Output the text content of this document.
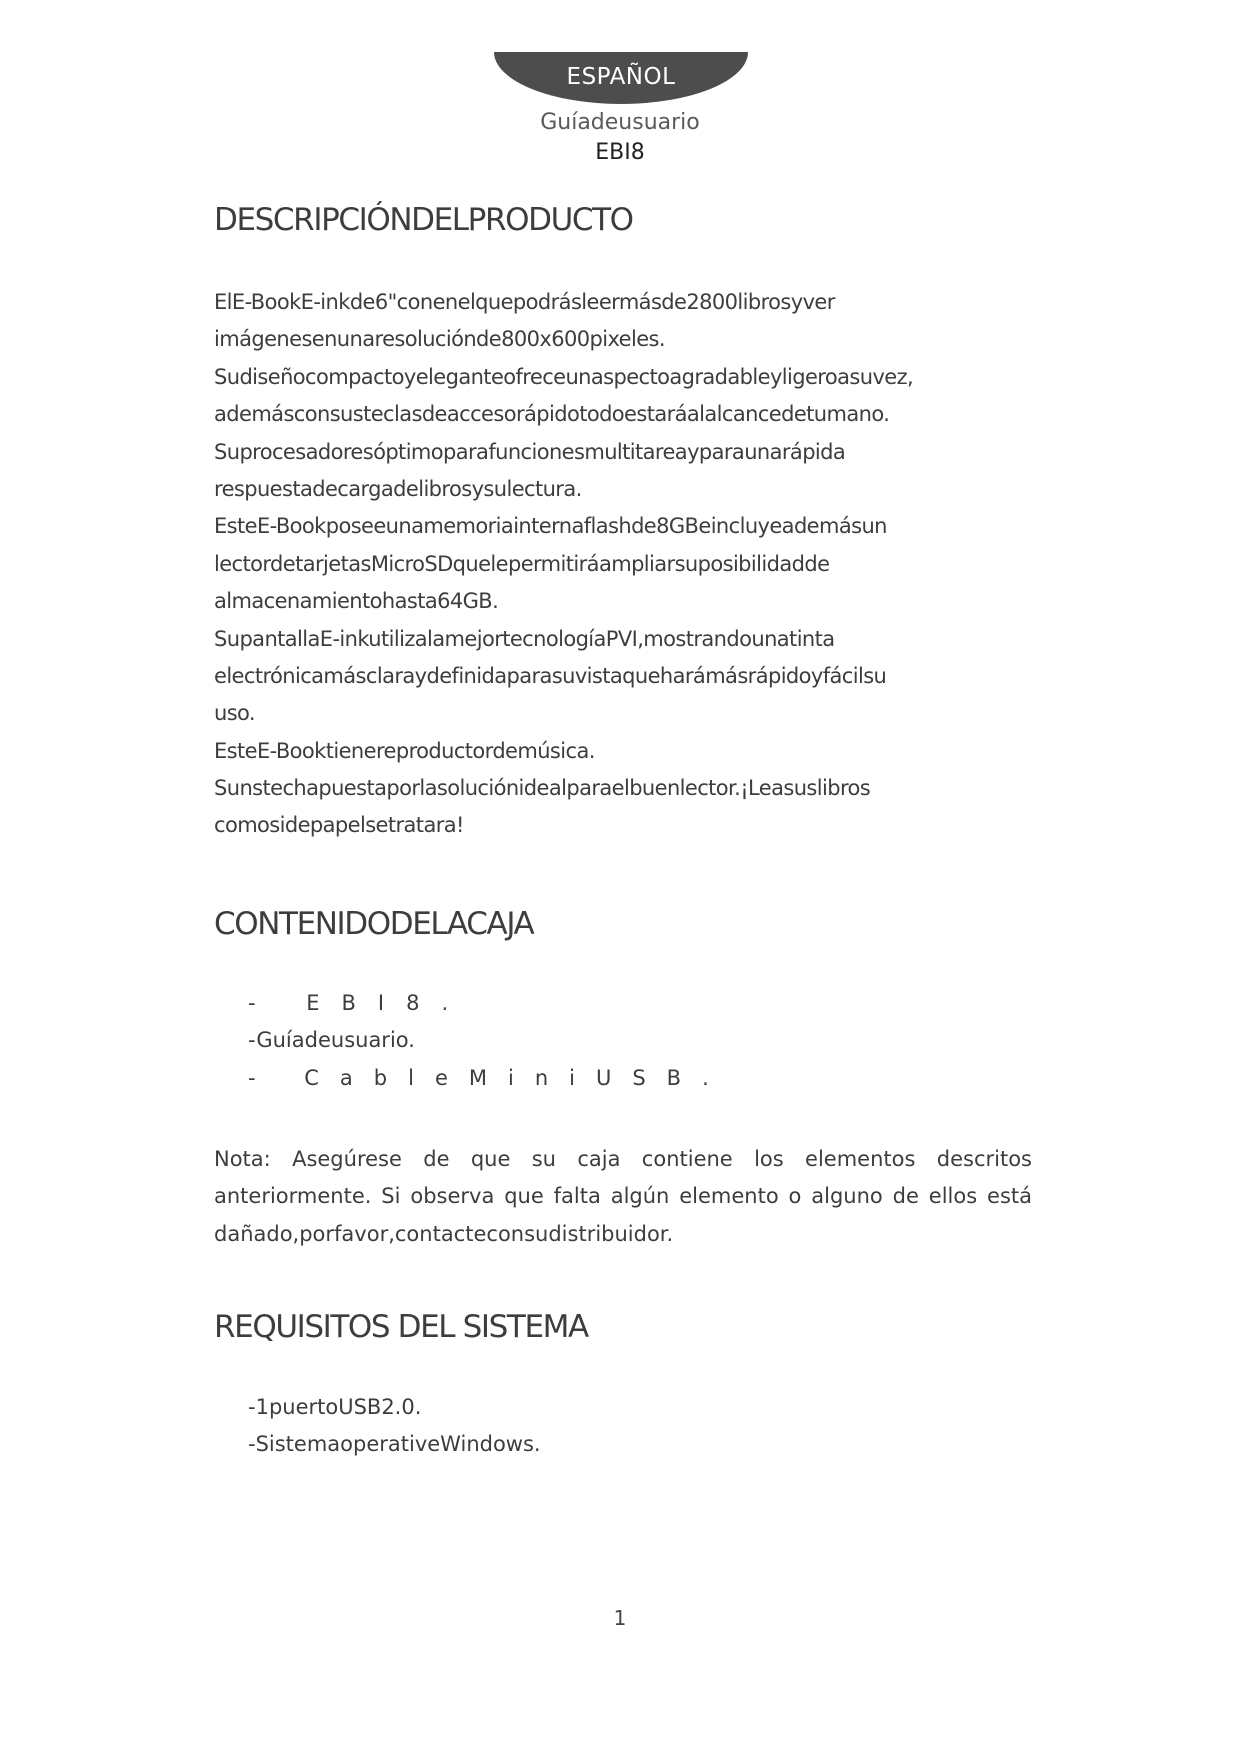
ESPAÑOL
Guíadeusuario
EBI8
DESCRIPCIÓNDELPRODUCTO
ElE-BookE-inkde6"conenelquepodrásleermásde2800librosyver
imágenesenunaresoluciónde800x600pixeles.
Sudiseñocompactoyeleganteofreceunaspectoagradableyligeroasuvez,
ademásconsusteclasdeaccesorápidotodoestaráalalcancedetumano.
Suprocesadoresóptimoparafuncionesmultitareayparaunarápida
respuestadecargadelibrosysulectura.
EsteE-Bookposeeunamemoriainternaflashde8GBeincluyeademásun
lectordetarjetasMicroSDquelepermitiráampliarsuposibilidadde
almacenamientohasta64GB.
SupantallaE-inkutilizalamejortecnologíaPVI,mostrandounatinta
electrónicamásclaraydefinidaparasuvistaqueharámásrápidoyfácilsu
uso.
EsteE-Booktienereproductordemúsica.
Sunstechapuestaporlasoluciónidealparaelbuenlector.¡Leasuslibros
comosidepapelsetratara!
CONTENIDODELACAJA
- EBI8.
-Guíadeusuario.
- CableMiniUSB.
Nota: Asegúrese de que su caja contiene los elementos descritos
anteriormente. Si observa que falta algún elemento o alguno de ellos está
dañado,porfavor,contacteconsudistribuidor.
REQUISITOS DEL SISTEMA
-1puertoUSB2.0.
-SistemaoperativeWindows.
1
